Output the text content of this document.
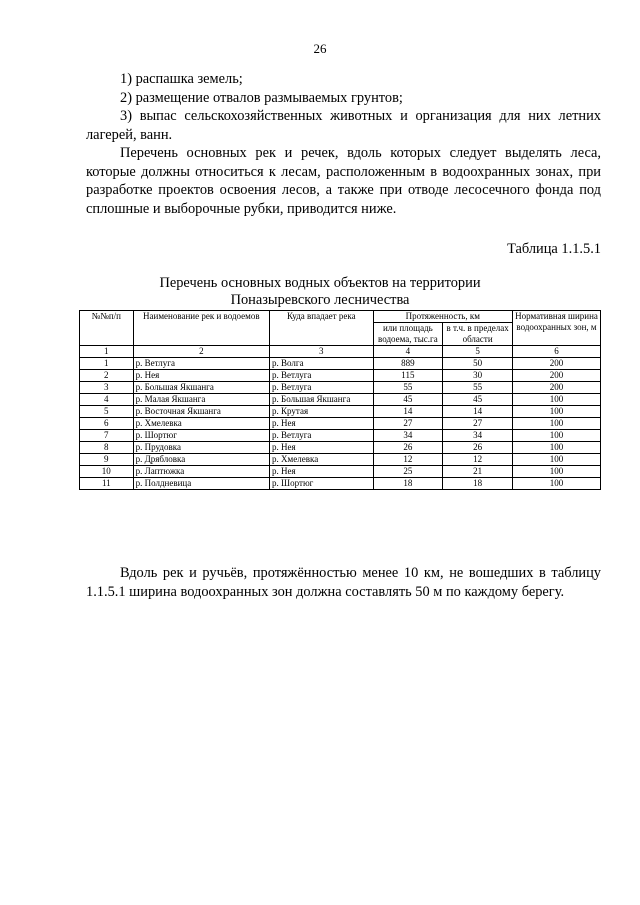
26

1) распашка земель;

2) размещение отвалов размываемых грунтов;

3) выпас сельскохозяйственных животных и организация для них летних лагерей, ванн.

Перечень основных рек и речек, вдоль которых следует выделять леса, которые должны относиться к лесам, расположенным в водоохранных зонах, при разработке проектов освоения лесов, а также при отводе лесосечного фонда под сплошные и выборочные рубки, приводится ниже.

Таблица 1.1.5.1
Перечень основных водных объектов на территории
Поназыревского лесничества
№№п/п	Наименование рек и водоемов	Куда впадает река	Протяженность, км		Нормативная ширина водоохранных зон, м
			или площадь водоема, тыс.га	в т.ч. в пределах области	
1	2	3	4	5	6
1	р. Ветлуга	р. Волга	889	50	200
2	р. Нея	р. Ветлуга	115	30	200
3	р. Большая Якшанга	р. Ветлуга	55	55	200
4	р. Малая Якшанга	р. Большая Якшанга	45	45	100
5	р. Восточная Якшанга	р. Крутая	14	14	100
6	р. Хмелевка	р. Нея	27	27	100
7	р. Шортюг	р. Ветлуга	34	34	100
8	р. Прудовка	р. Нея	26	26	100
9	р. Дрябловка	р. Хмелевка	12	12	100
10	р. Лаптюжка	р. Нея	25	21	100
11	р. Полдневица	р. Шортюг	18	18	100

Вдоль рек и ручьёв, протяжённостью менее 10 км, не вошедших в таблицу 1.1.5.1 ширина водоохранных зон должна составлять 50 м по каждому берегу.
